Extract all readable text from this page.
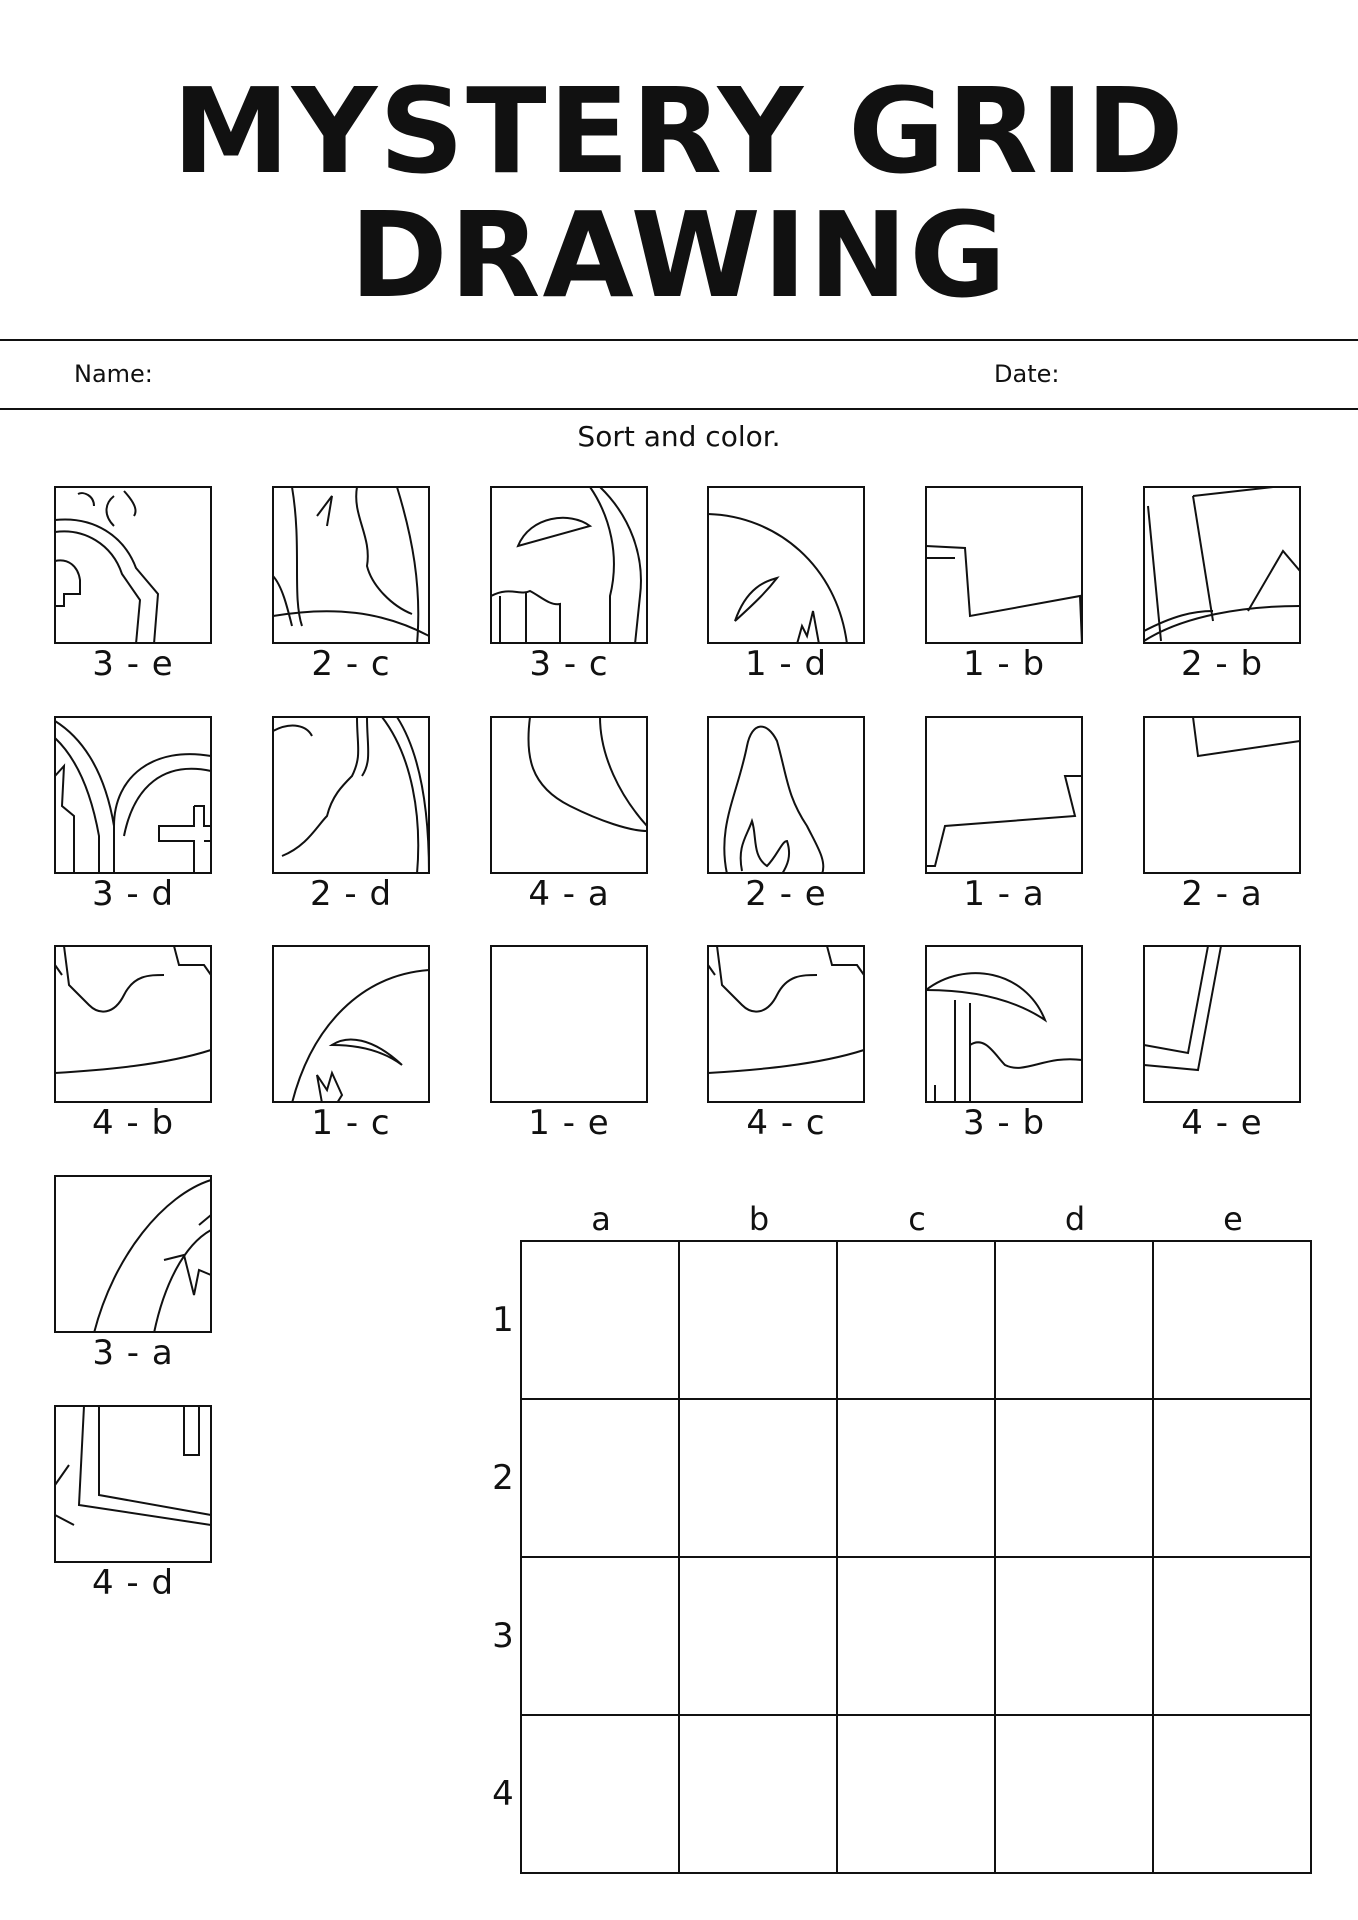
MYSTERY GRID
DRAWING
Name:	Date:
Sort and color.
3 - e	2 - c	3 - c	1 - d	1 - b	2 - b
3 - d	2 - d	4 - a	2 - e	1 - a	2 - a
4 - b	1 - c	1 - e	4 - c	3 - b	4 - e
3 - a
4 - d
a	b	c	d	e
1
2
3
4
